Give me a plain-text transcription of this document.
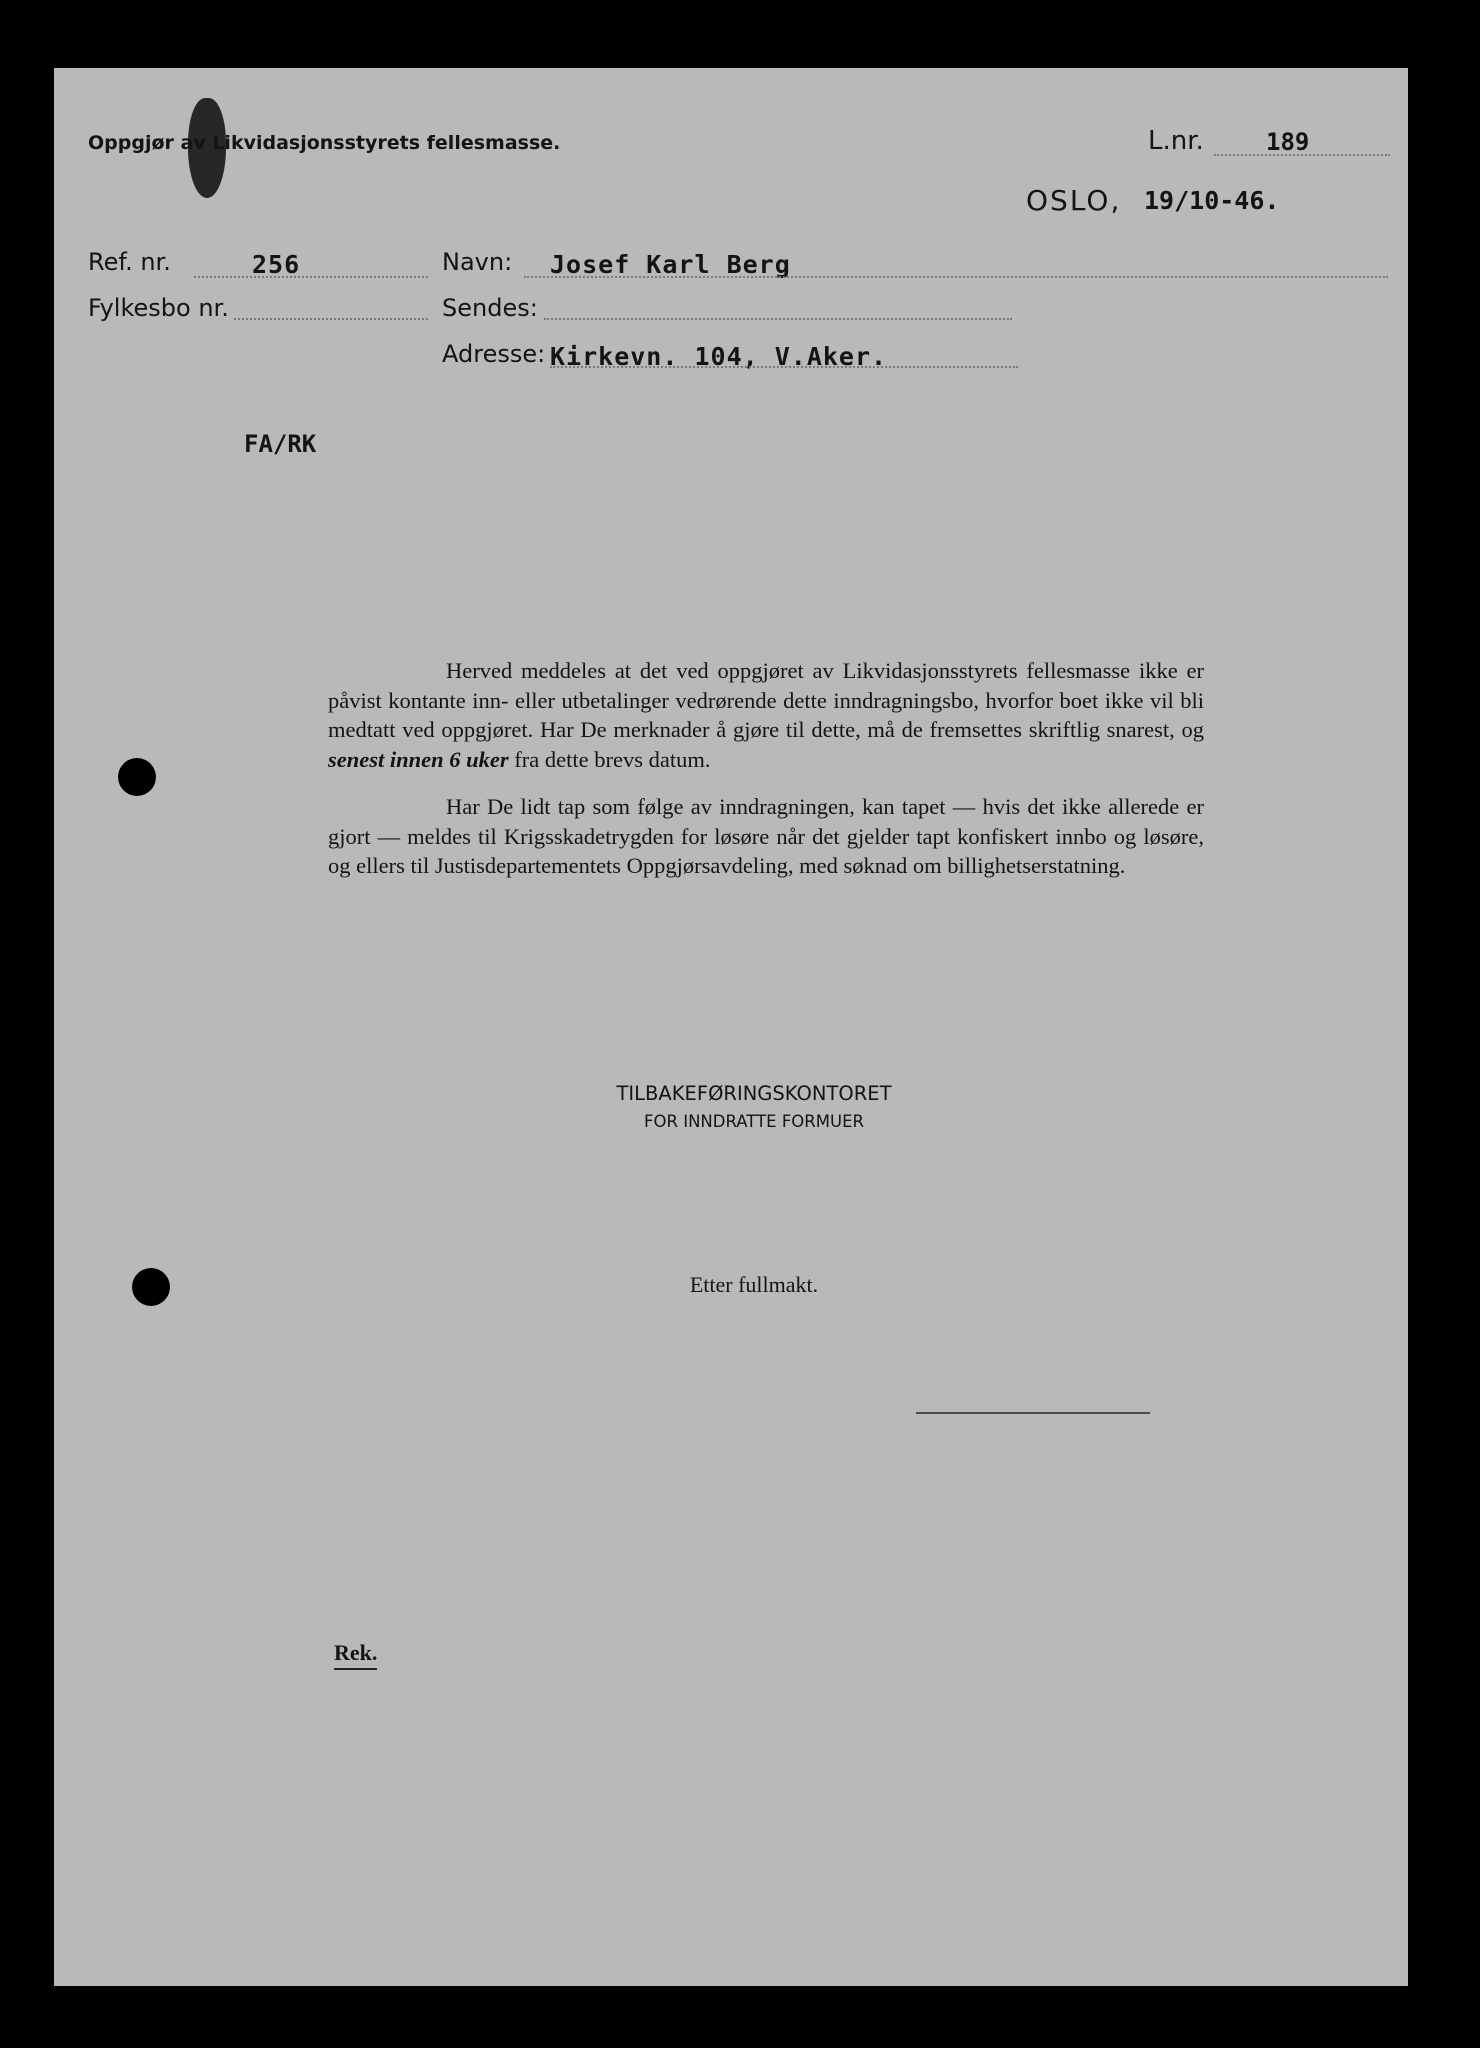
Oppgjør av Likvidasjonsstyrets fellesmasse.	L.nr.	189
OSLO, 19/10-46.
Ref. nr.	256
Fylkesbo nr.
Navn: Josef Karl Berg
Sendes:
Adresse: Kirkevn. 104, V.Aker.
FA/RK

Herved meddeles at det ved oppgjøret av Likvidasjonsstyrets fellesmasse ikke er påvist kontante inn- eller utbetalinger vedrørende dette inndragningsbo, hvorfor boet ikke vil bli medtatt ved oppgjøret. Har De merknader å gjøre til dette, må de fremsettes skriftlig snarest, og senest innen 6 uker fra dette brevs datum.

Har De lidt tap som følge av inndragningen, kan tapet — hvis det ikke allerede er gjort — meldes til Krigsskadetrygden for løsøre når det gjelder tapt konfiskert innbo og løsøre, og ellers til Justisdepartementets Oppgjørsavdeling, med søknad om billighetserstatning.

TILBAKEFØRINGSKONTORET
FOR INNDRATTE FORMUER
Etter fullmakt.
Rek.
